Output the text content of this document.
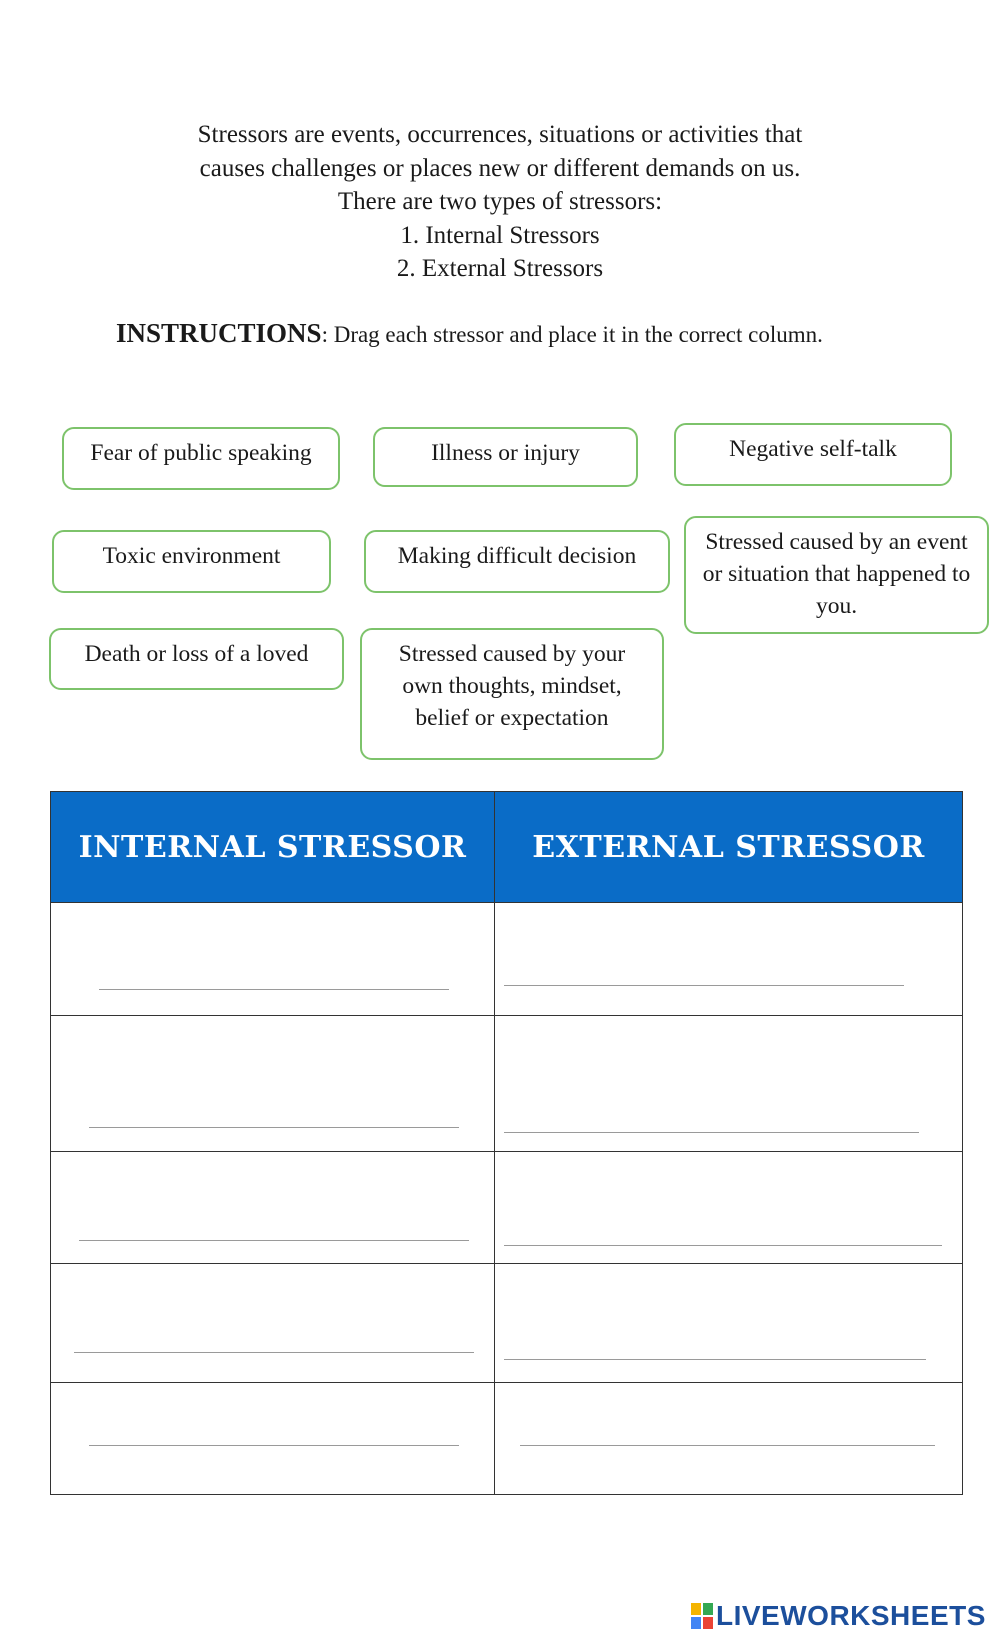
Stressors are events, occurrences, situations or activities that
causes challenges or places new or different demands on us.
There are two types of stressors:
1. Internal Stressors
2. External Stressors
INSTRUCTIONS: Drag each stressor and place it in the correct column.
Fear of public speaking	Illness or injury	Negative self-talk
Toxic environment	Making difficult decision
Stressed caused by an event or situation that happened to you.
Death or loss of a loved	Stressed caused by your own thoughts, mindset, belief or expectation
INTERNAL STRESSOR	EXTERNAL STRESSOR

LIVEWORKSHEETS
